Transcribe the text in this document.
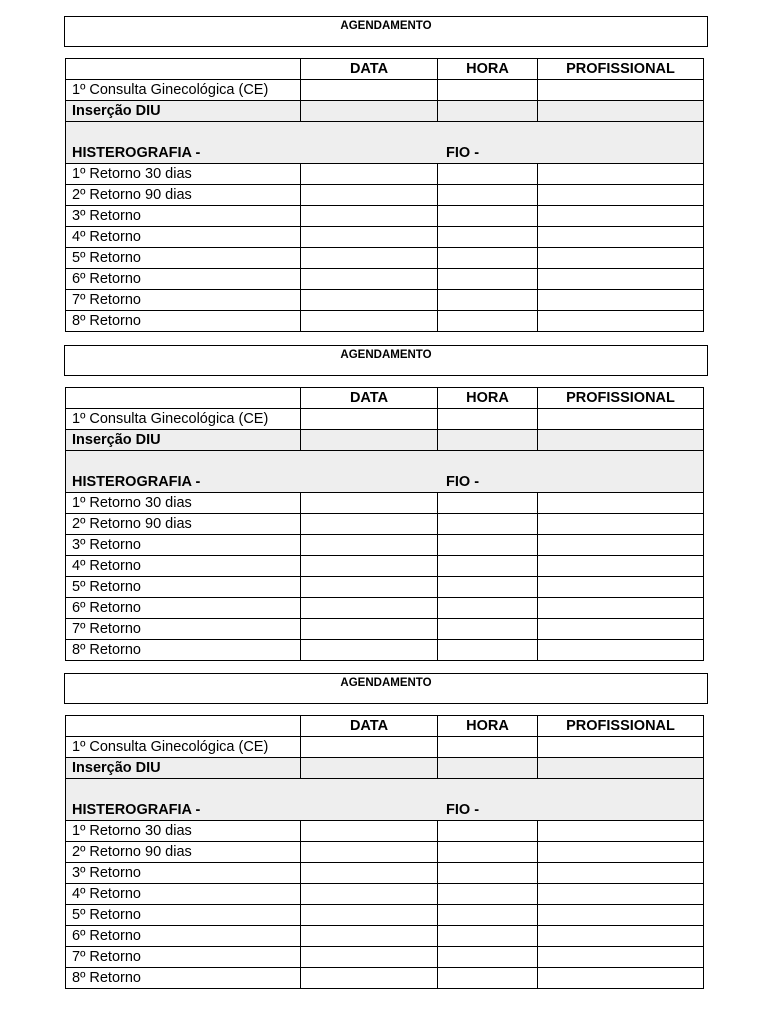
AGENDAMENTO
	DATA	HORA	PROFISSIONAL
1º Consulta Ginecológica (CE)			
Inserção DIU			
HISTEROGRAFIA - FIO -			

1º Retorno 30 dias			
2º Retorno 90 dias			
3º Retorno			
4º Retorno			
5º Retorno			
6º Retorno			
7º Retorno			
8º Retorno			
AGENDAMENTO
	DATA	HORA	PROFISSIONAL
1º Consulta Ginecológica (CE)			
Inserção DIU			
HISTEROGRAFIA - FIO -			

1º Retorno 30 dias			
2º Retorno 90 dias			
3º Retorno			
4º Retorno			
5º Retorno			
6º Retorno			
7º Retorno			
8º Retorno			
AGENDAMENTO
	DATA	HORA	PROFISSIONAL
1º Consulta Ginecológica (CE)			
Inserção DIU			
HISTEROGRAFIA - FIO -			

1º Retorno 30 dias			
2º Retorno 90 dias			
3º Retorno			
4º Retorno			
5º Retorno			
6º Retorno			
7º Retorno			
8º Retorno			
